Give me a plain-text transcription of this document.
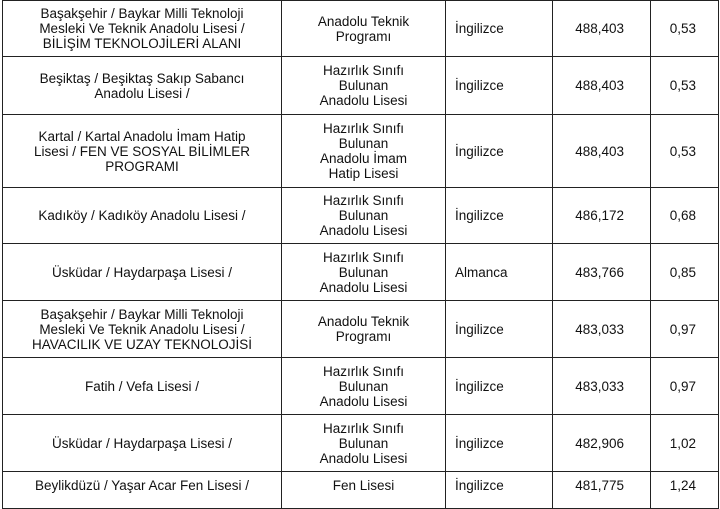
Başakşehir / Baykar Milli Teknoloji
Mesleki Ve Teknik Anadolu Lisesi /
BİLİŞİM TEKNOLOJİLERİ ALANI	Anadolu Teknik
Programı	İngilizce	488,403	0,53

Beşiktaş / Beşiktaş Sakıp Sabancı
Anadolu Lisesi /	Hazırlık Sınıfı
Bulunan
Anadolu Lisesi	İngilizce	488,403	0,53

Kartal / Kartal Anadolu İmam Hatip
Lisesi / FEN VE SOSYAL BİLİMLER
PROGRAMI	Hazırlık Sınıfı
Bulunan
Anadolu İmam
Hatip Lisesi	İngilizce	488,403	0,53

Kadıköy / Kadıköy Anadolu Lisesi /	Hazırlık Sınıfı
Bulunan
Anadolu Lisesi	İngilizce	486,172	0,68

Üsküdar / Haydarpaşa Lisesi /	Hazırlık Sınıfı
Bulunan
Anadolu Lisesi	Almanca	483,766	0,85

Başakşehir / Baykar Milli Teknoloji
Mesleki Ve Teknik Anadolu Lisesi /
HAVACILIK VE UZAY TEKNOLOJİSİ	Anadolu Teknik
Programı	İngilizce	483,033	0,97

Fatih / Vefa Lisesi /	Hazırlık Sınıfı
Bulunan
Anadolu Lisesi	İngilizce	483,033	0,97

Üsküdar / Haydarpaşa Lisesi /	Hazırlık Sınıfı
Bulunan
Anadolu Lisesi	İngilizce	482,906	1,02

Beylikdüzü / Yaşar Acar Fen Lisesi /	Fen Lisesi	İngilizce	481,775	1,24
